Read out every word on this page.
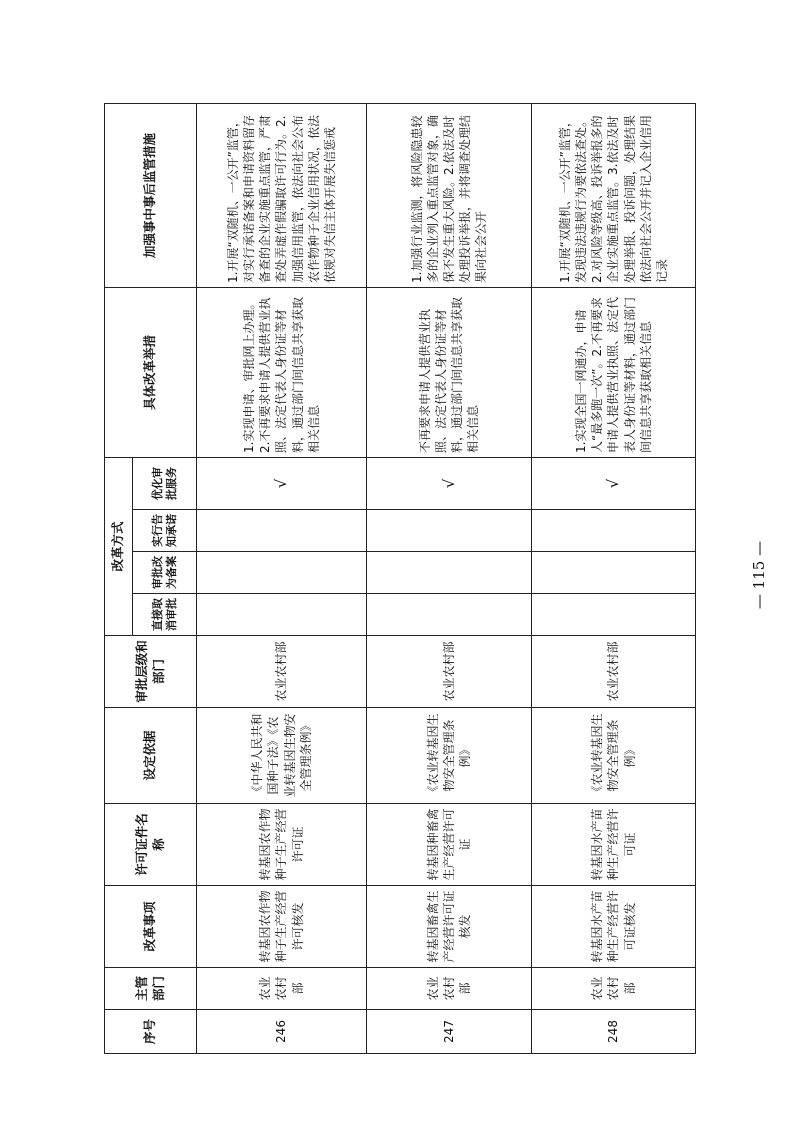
序号	主管部门	改革事项	许可证件名称	设定依据	审批层级和部门	改革方式				具体改革举措	加强事中事后监管措施
						直接取消审批	审批改为备案	实行告知承诺	优化审批服务		
246	农业农村部	转基因农作物种子生产经营许可核发	转基因农作物种子生产经营许可证	《中华人民共和国种子法》《农业转基因生物安全管理条例》	农业农村部				√	1.实现申请、审批网上办理。2.不再要求申请人提供营业执照、法定代表人身份证等材料，通过部门间信息共享获取相关信息	1.开展“双随机、一公开”监管，对实行承诺备案和申请资料留存备查的企业实施重点监管，严肃查处弄虚作假骗取许可行为。2.加强信用监管，依法向社会公布农作物种子企业信用状况，依法依规对失信主体开展失信惩戒
247	农业农村部	转基因畜禽生产经营许可证核发	转基因种畜禽生产经营许可证	《农业转基因生物安全管理条例》	农业农村部				√	不再要求申请人提供营业执照、法定代表人身份证等材料，通过部门间信息共享获取相关信息	1.加强行业监测，将风险隐患较多的企业列入重点监管对象，确保不发生重大风险。2.依法及时处理投诉举报，并将调查处理结果向社会公开
248	农业农村部	转基因水产苗种生产经营许可证核发	转基因水产苗种生产经营许可证	《农业转基因生物安全管理条例》	农业农村部				√	1.实现全国一网通办，申请人“最多跑一次”。2.不再要求申请人提供营业执照、法定代表人身份证等材料，通过部门间信息共享获取相关信息	1.开展“双随机、一公开”监管，发现违法违规行为要依法查处。2.对风险等级高、投诉举报多的企业实施重点监管。3.依法及时处理举报、投诉问题，处理结果依法向社会公开并记入企业信用记录
— 115 —
